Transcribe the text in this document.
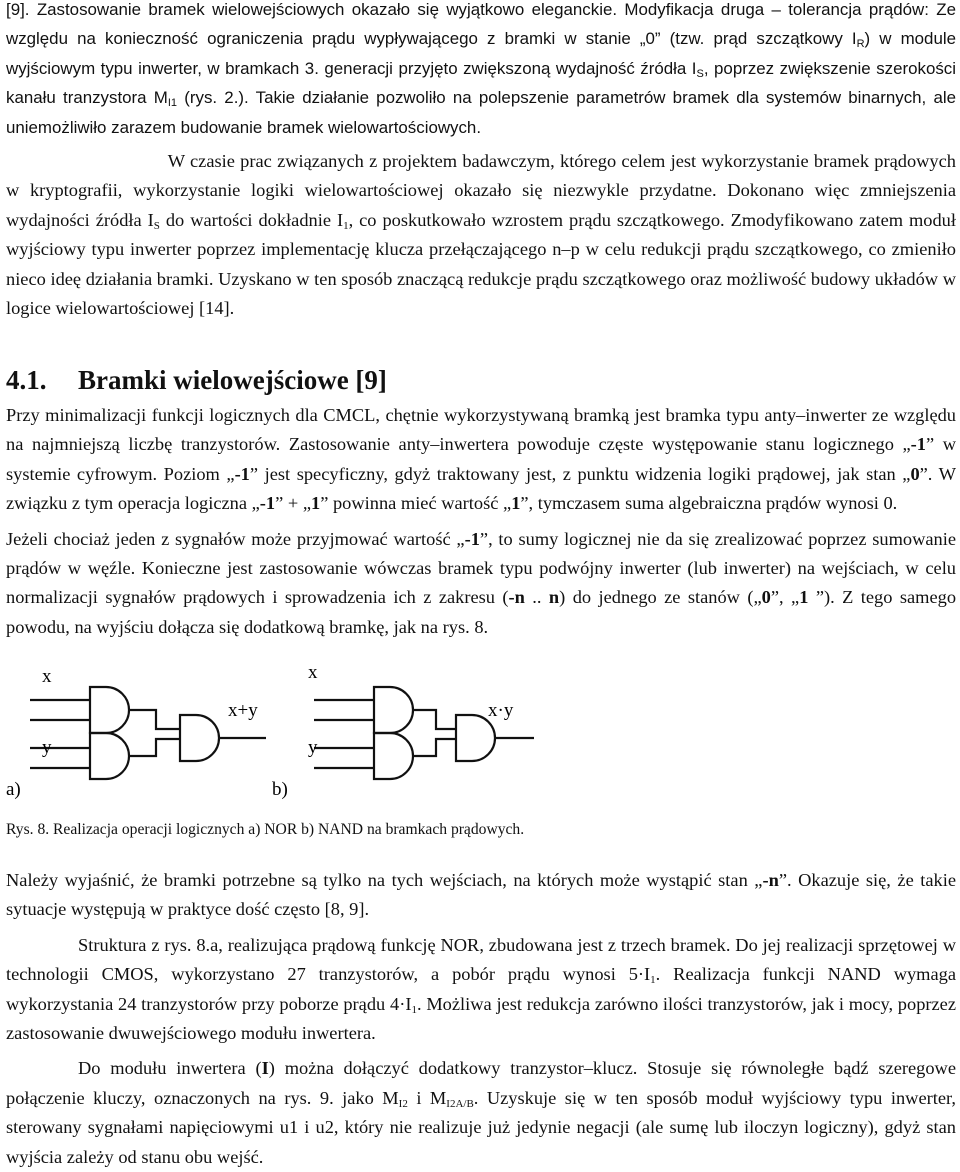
[9]. Zastosowanie bramek wielowejściowych okazało się wyjątkowo eleganckie. Modyfikacja druga – tolerancja prądów: Ze względu na konieczność ograniczenia prądu wypływającego z bramki w stanie „0” (tzw. prąd szczątkowy $I_R$) w module wyjściowym typu inwerter, w bramkach 3. generacji przyjęto zwiększoną wydajność źródła $I_S$, poprzez zwiększenie szerokości kanału tranzystora $M_{I1}$ (rys. 2.). Takie działanie pozwoliło na polepszenie parametrów bramek dla systemów binarnych, ale uniemożliwiło zarazem budowanie bramek wielowartościowych.

W czasie prac związanych z projektem badawczym, którego celem jest wykorzystanie bramek prądowych w kryptografii, wykorzystanie logiki wielowartościowej okazało się niezwykle przydatne. Dokonano więc zmniejszenia wydajności źródła $I_S$ do wartości dokładnie $I_1$, co poskutkowało wzrostem prądu szczątkowego. Zmodyfikowano zatem moduł wyjściowy typu inwerter poprzez implementację klucza przełączającego n–p w celu redukcji prądu szczątkowego, co zmieniło nieco ideę działania bramki. Uzyskano w ten sposób znaczącą redukcje prądu szczątkowego oraz możliwość budowy układów w logice wielowartościowej [14].

4.1. Bramki wielowejściowe [9]

Przy minimalizacji funkcji logicznych dla CMCL, chętnie wykorzystywaną bramką jest bramka typu anty–inwerter ze względu na najmniejszą liczbę tranzystorów. Zastosowanie anty–inwertera powoduje częste występowanie stanu logicznego „-1” w systemie cyfrowym. Poziom „-1” jest specyficzny, gdyż traktowany jest, z punktu widzenia logiki prądowej, jak stan „0”. W związku z tym operacja logiczna „-1” + „1” powinna mieć wartość „1”, tymczasem suma algebraiczna prądów wynosi 0.

Jeżeli chociaż jeden z sygnałów może przyjmować wartość „-1”, to sumy logicznej nie da się zrealizować poprzez sumowanie prądów w węźle. Konieczne jest zastosowanie wówczas bramek typu podwójny inwerter (lub inwerter) na wejściach, w celu normalizacji sygnałów prądowych i sprowadzenia ich z zakresu (-n .. n) do jednego ze stanów („0”, „1 ”). Z tego samego powodu, na wyjściu dołącza się dodatkową bramkę, jak na rys. 8.

x
y
x+y
x
y
x·y
a)	b)
Rys. 8. Realizacja operacji logicznych a) NOR b) NAND na bramkach prądowych.

Należy wyjaśnić, że bramki potrzebne są tylko na tych wejściach, na których może wystąpić stan „-n”. Okazuje się, że takie sytuacje występują w praktyce dość często [8, 9].

Struktura z rys. 8.a, realizująca prądową funkcję NOR, zbudowana jest z trzech bramek. Do jej realizacji sprzętowej w technologii CMOS, wykorzystano 27 tranzystorów, a pobór prądu wynosi $5\cdot I_1$. Realizacja funkcji NAND wymaga wykorzystania 24 tranzystorów przy poborze prądu $4\cdot I_1$. Możliwa jest redukcja zarówno ilości tranzystorów, jak i mocy, poprzez zastosowanie dwuwejściowego modułu inwertera.

Do modułu inwertera (I) można dołączyć dodatkowy tranzystor–klucz. Stosuje się równoległe bądź szeregowe połączenie kluczy, oznaczonych na rys. 9. jako $M_{I2}$ i $M_{I2A/B}$. Uzyskuje się w ten sposób moduł wyjściowy typu inwerter, sterowany sygnałami napięciowymi u1 i u2, który nie realizuje już jedynie negacji (ale sumę lub iloczyn logiczny), gdyż stan wyjścia zależy od stanu obu wejść.
